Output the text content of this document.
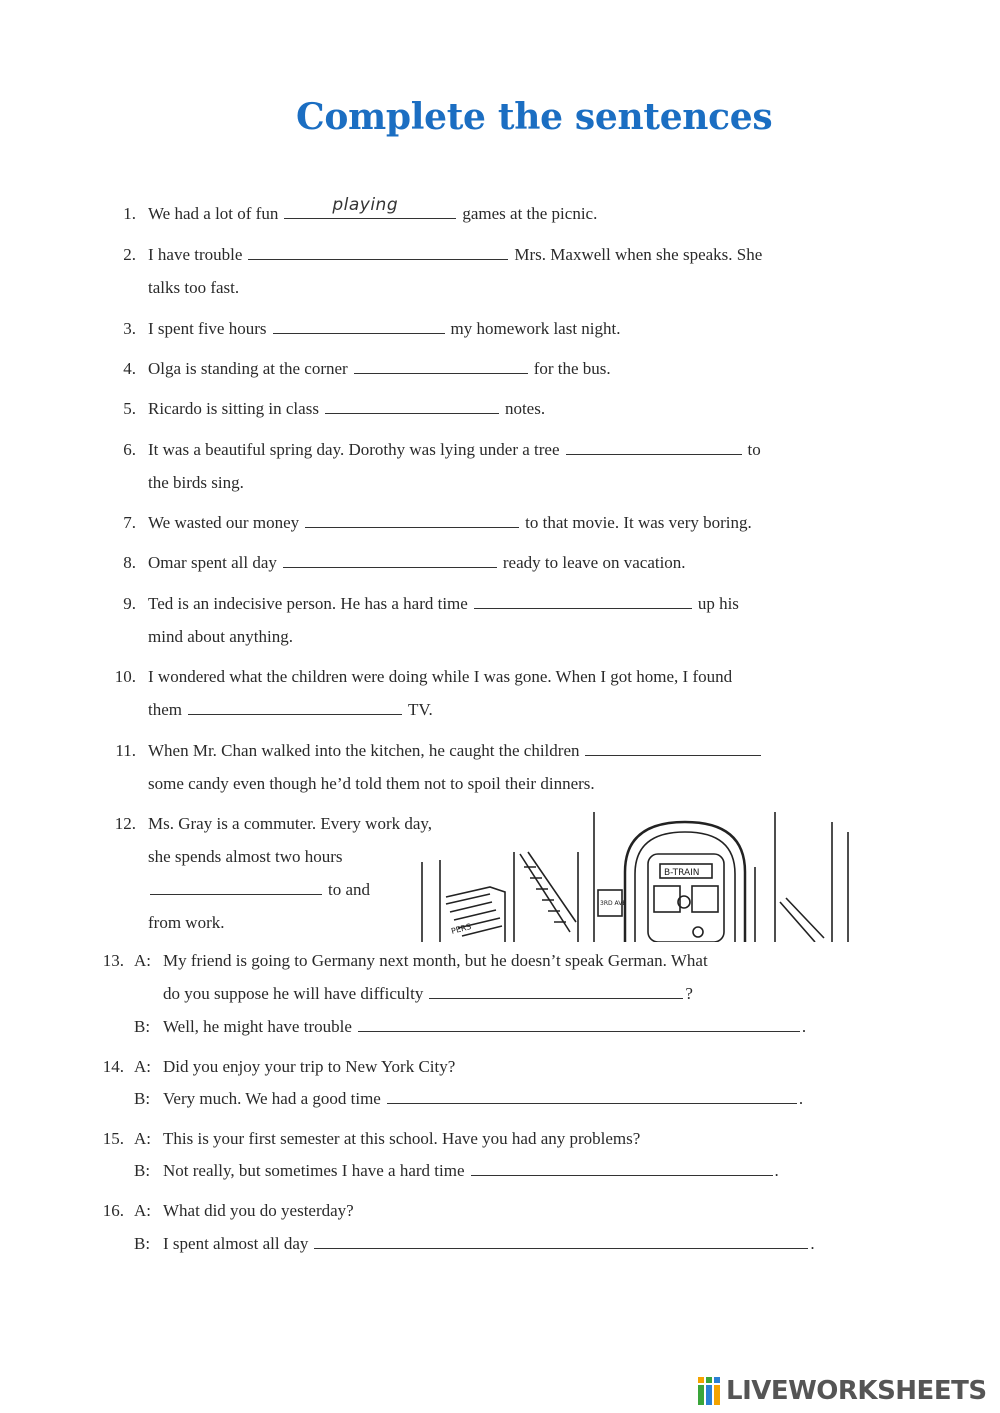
Complete the sentences
1. We had a lot of fun	playing	games at the picnic.
2. I have trouble	Mrs. Maxwell when she speaks. She
talks too fast.
3. I spent five hours	my homework last night.
4. Olga is standing at the corner	for the bus.
5. Ricardo is sitting in class	notes.
6. It was a beautiful spring day. Dorothy was lying under a tree	to
the birds sing.
7. We wasted our money	to that movie. It was very boring.
8. Omar spent all day	ready to leave on vacation.
9. Ted is an indecisive person. He has a hard time	up his
mind about anything.
10. I wondered what the children were doing while I was gone. When I got home, I found
them	TV.
11. When Mr. Chan walked into the kitchen, he caught the children
some candy even though he’d told them not to spoil their dinners.
12. Ms. Gray is a commuter. Every work day,
she spends almost two hours
to and
from work.
B-TRAIN
3RD AVE
PERS
13. A: My friend is going to Germany next month, but he doesn’t speak German. What
do you suppose he will have difficulty	?
B: Well, he might have trouble	.
14. A: Did you enjoy your trip to New York City?
B: Very much. We had a good time	.
15. A: This is your first semester at this school. Have you had any problems?
B: Not really, but sometimes I have a hard time	.
16. A: What did you do yesterday?
B: I spent almost all day	.
LIVEWORKSHEETS
